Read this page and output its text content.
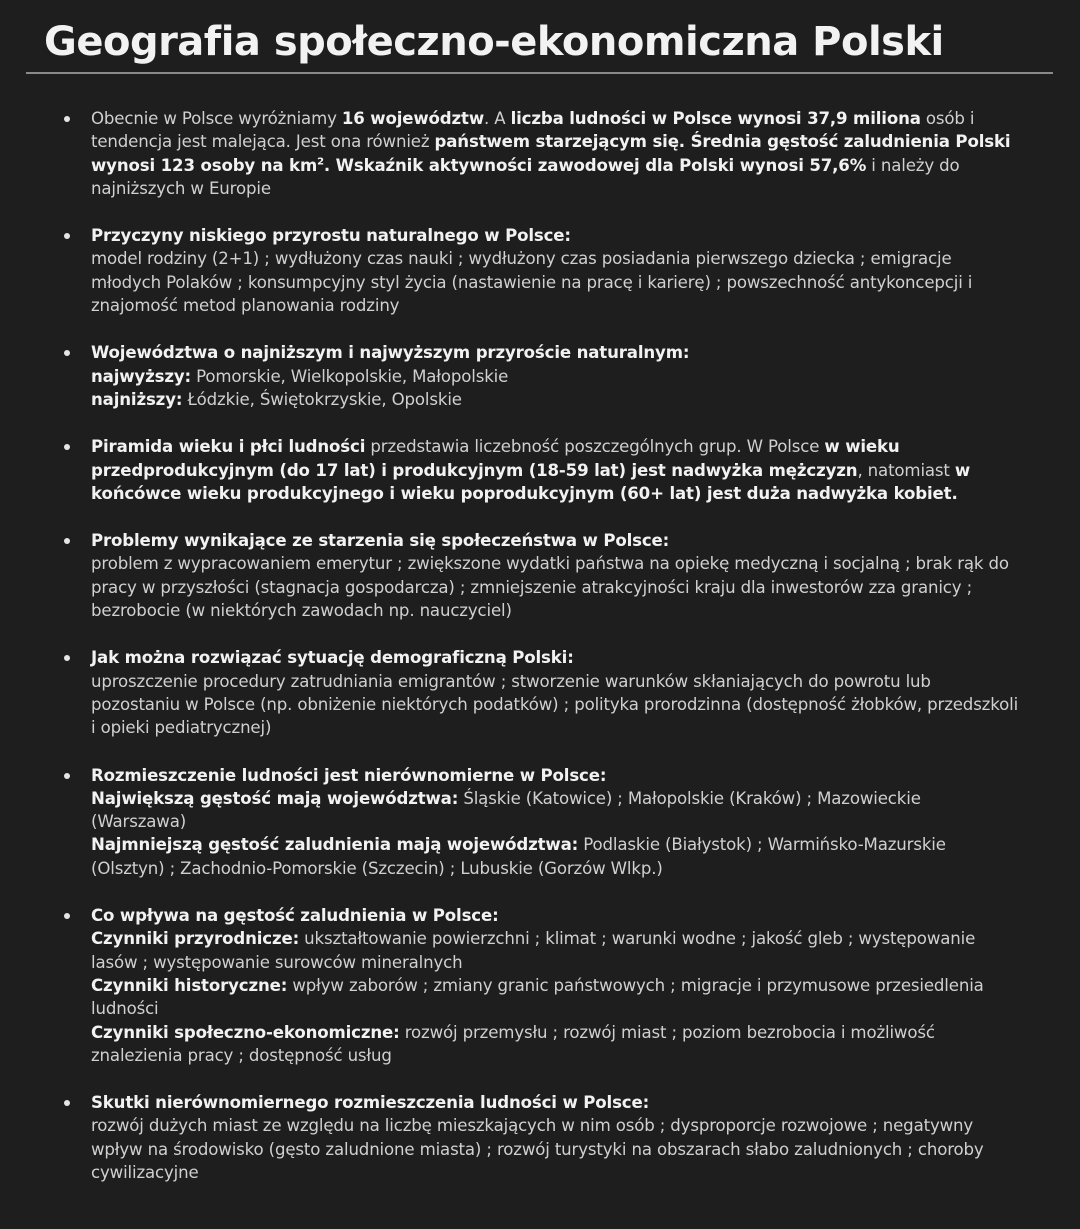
Geografia społeczno-ekonomiczna Polski
Obecnie w Polsce wyróżniamy 16 województw. A liczba ludności w Polsce wynosi 37,9 miliona osób i tendencja jest malejąca. Jest ona również państwem starzejącym się. Średnia gęstość zaludnienia Polski wynosi 123 osoby na $km^2$. Wskaźnik aktywności zawodowej dla Polski wynosi 57,6% i należy do najniższych w Europie
Przyczyny niskiego przyrostu naturalnego w Polsce:
model rodziny (2+1) ; wydłużony czas nauki ; wydłużony czas posiadania pierwszego dziecka ; emigracje młodych Polaków ; konsumpcyjny styl życia (nastawienie na pracę i karierę) ; powszechność antykoncepcji i znajomość metod planowania rodziny
Województwa o najniższym i najwyższym przyroście naturalnym:
najwyższy: Pomorskie, Wielkopolskie, Małopolskie
najniższy: Łódzkie, Świętokrzyskie, Opolskie
Piramida wieku i płci ludności przedstawia liczebność poszczególnych grup. W Polsce w wieku przedprodukcyjnym (do 17 lat) i produkcyjnym (18-59 lat) jest nadwyżka mężczyzn, natomiast w końcówce wieku produkcyjnego i wieku poprodukcyjnym (60+ lat) jest duża nadwyżka kobiet.
Problemy wynikające ze starzenia się społeczeństwa w Polsce:
problem z wypracowaniem emerytur ; zwiększone wydatki państwa na opiekę medyczną i socjalną ; brak rąk do pracy w przyszłości (stagnacja gospodarcza) ; zmniejszenie atrakcyjności kraju dla inwestorów zza granicy ; bezrobocie (w niektórych zawodach np. nauczyciel)
Jak można rozwiązać sytuację demograficzną Polski:
uproszczenie procedury zatrudniania emigrantów ; stworzenie warunków skłaniających do powrotu lub pozostaniu w Polsce (np. obniżenie niektórych podatków) ; polityka prorodzinna (dostępność żłobków, przedszkoli i opieki pediatrycznej)
Rozmieszczenie ludności jest nierównomierne w Polsce:
Największą gęstość mają województwa: Śląskie (Katowice) ; Małopolskie (Kraków) ; Mazowieckie (Warszawa)
Najmniejszą gęstość zaludnienia mają województwa: Podlaskie (Białystok) ; Warmińsko-Mazurskie (Olsztyn) ; Zachodnio-Pomorskie (Szczecin) ; Lubuskie (Gorzów Wlkp.)
Co wpływa na gęstość zaludnienia w Polsce:
Czynniki przyrodnicze: ukształtowanie powierzchni ; klimat ; warunki wodne ; jakość gleb ; występowanie lasów ; występowanie surowców mineralnych
Czynniki historyczne: wpływ zaborów ; zmiany granic państwowych ; migracje i przymusowe przesiedlenia ludności
Czynniki społeczno-ekonomiczne: rozwój przemysłu ; rozwój miast ; poziom bezrobocia i możliwość znalezienia pracy ; dostępność usług
Skutki nierównomiernego rozmieszczenia ludności w Polsce:
rozwój dużych miast ze względu na liczbę mieszkających w nim osób ; dysproporcje rozwojowe ; negatywny wpływ na środowisko (gęsto zaludnione miasta) ; rozwój turystyki na obszarach słabo zaludnionych ; choroby cywilizacyjne
